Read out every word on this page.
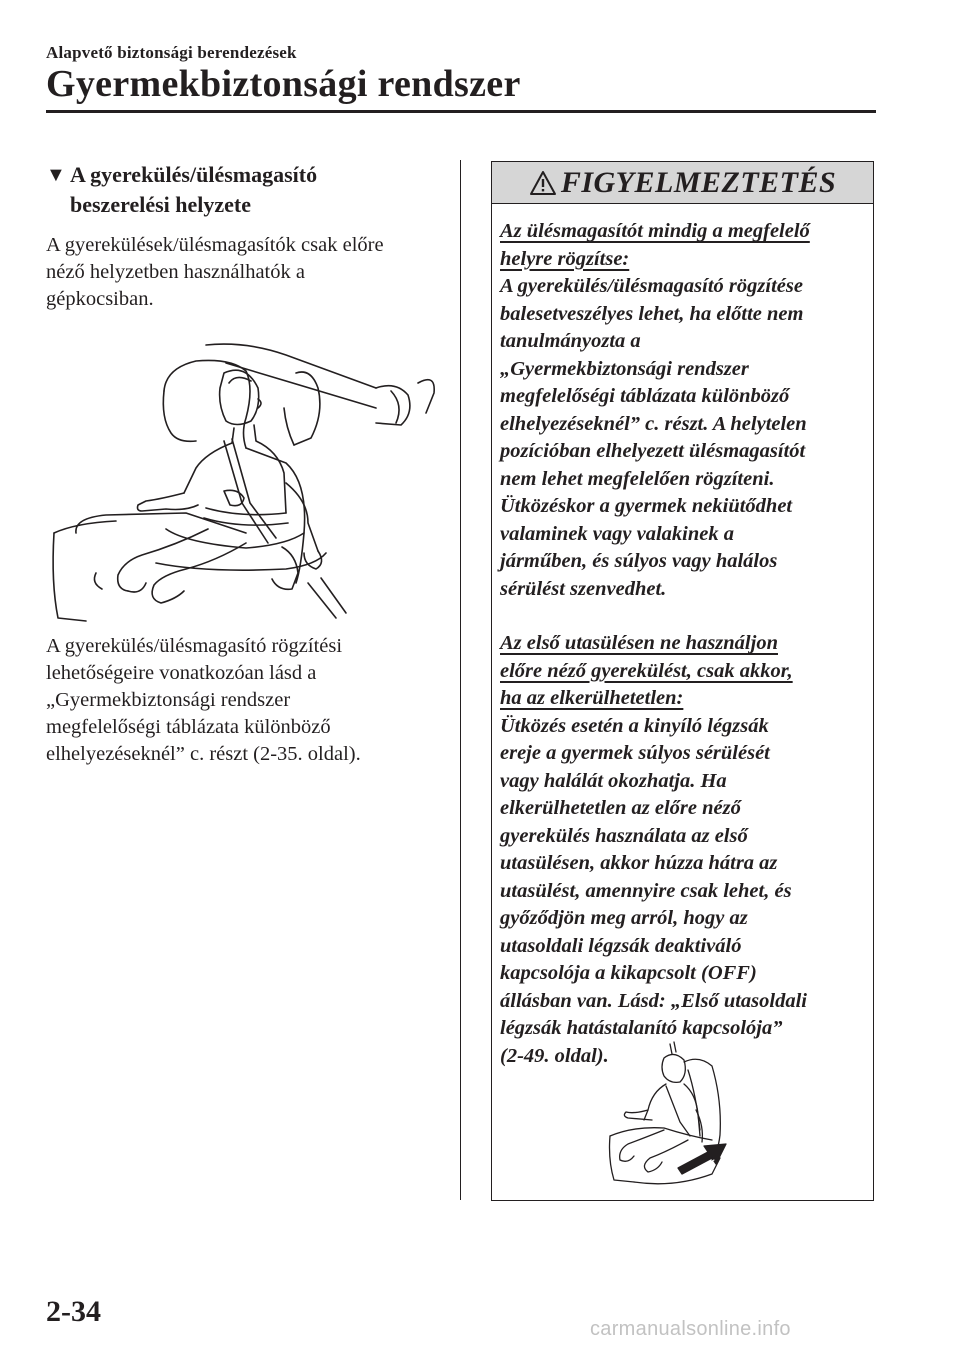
Alapvető biztonsági berendezések
Gyermekbiztonsági rendszer
▼ A gyerekülés/ülésmagasító
beszerelési helyzete
A gyerekülések/ülésmagasítók csak előre
néző helyzetben használhatók a
gépkocsiban.
A gyerekülés/ülésmagasító rögzítési
lehetőségeire vonatkozóan lásd a
„Gyermekbiztonsági rendszer
megfelelőségi táblázata különböző
elhelyezéseknél” c. részt (2-35. oldal).
FIGYELMEZTETÉS
Az ülésmagasítót mindig a megfelelő
helyre rögzítse:
A gyerekülés/ülésmagasító rögzítése
balesetveszélyes lehet, ha előtte nem
tanulmányozta a
„Gyermekbiztonsági rendszer
megfelelőségi táblázata különböző
elhelyezéseknél” c. részt. A helytelen
pozícióban elhelyezett ülésmagasítót
nem lehet megfelelően rögzíteni.
Ütközéskor a gyermek nekiütődhet
valaminek vagy valakinek a
járműben, és súlyos vagy halálos
sérülést szenvedhet.
Az első utasülésen ne használjon
előre néző gyerekülést, csak akkor,
ha az elkerülhetetlen:
Ütközés esetén a kinyíló légzsák
ereje a gyermek súlyos sérülését
vagy halálát okozhatja. Ha
elkerülhetetlen az előre néző
gyerekülés használata az első
utasülésen, akkor húzza hátra az
utasülést, amennyire csak lehet, és
győződjön meg arról, hogy az
utasoldali légzsák deaktiváló
kapcsolója a kikapcsolt (OFF)
állásban van. Lásd: „Első utasoldali
légzsák hatástalanító kapcsolója”
(2-49. oldal).
2-34
carmanualsonline.info
